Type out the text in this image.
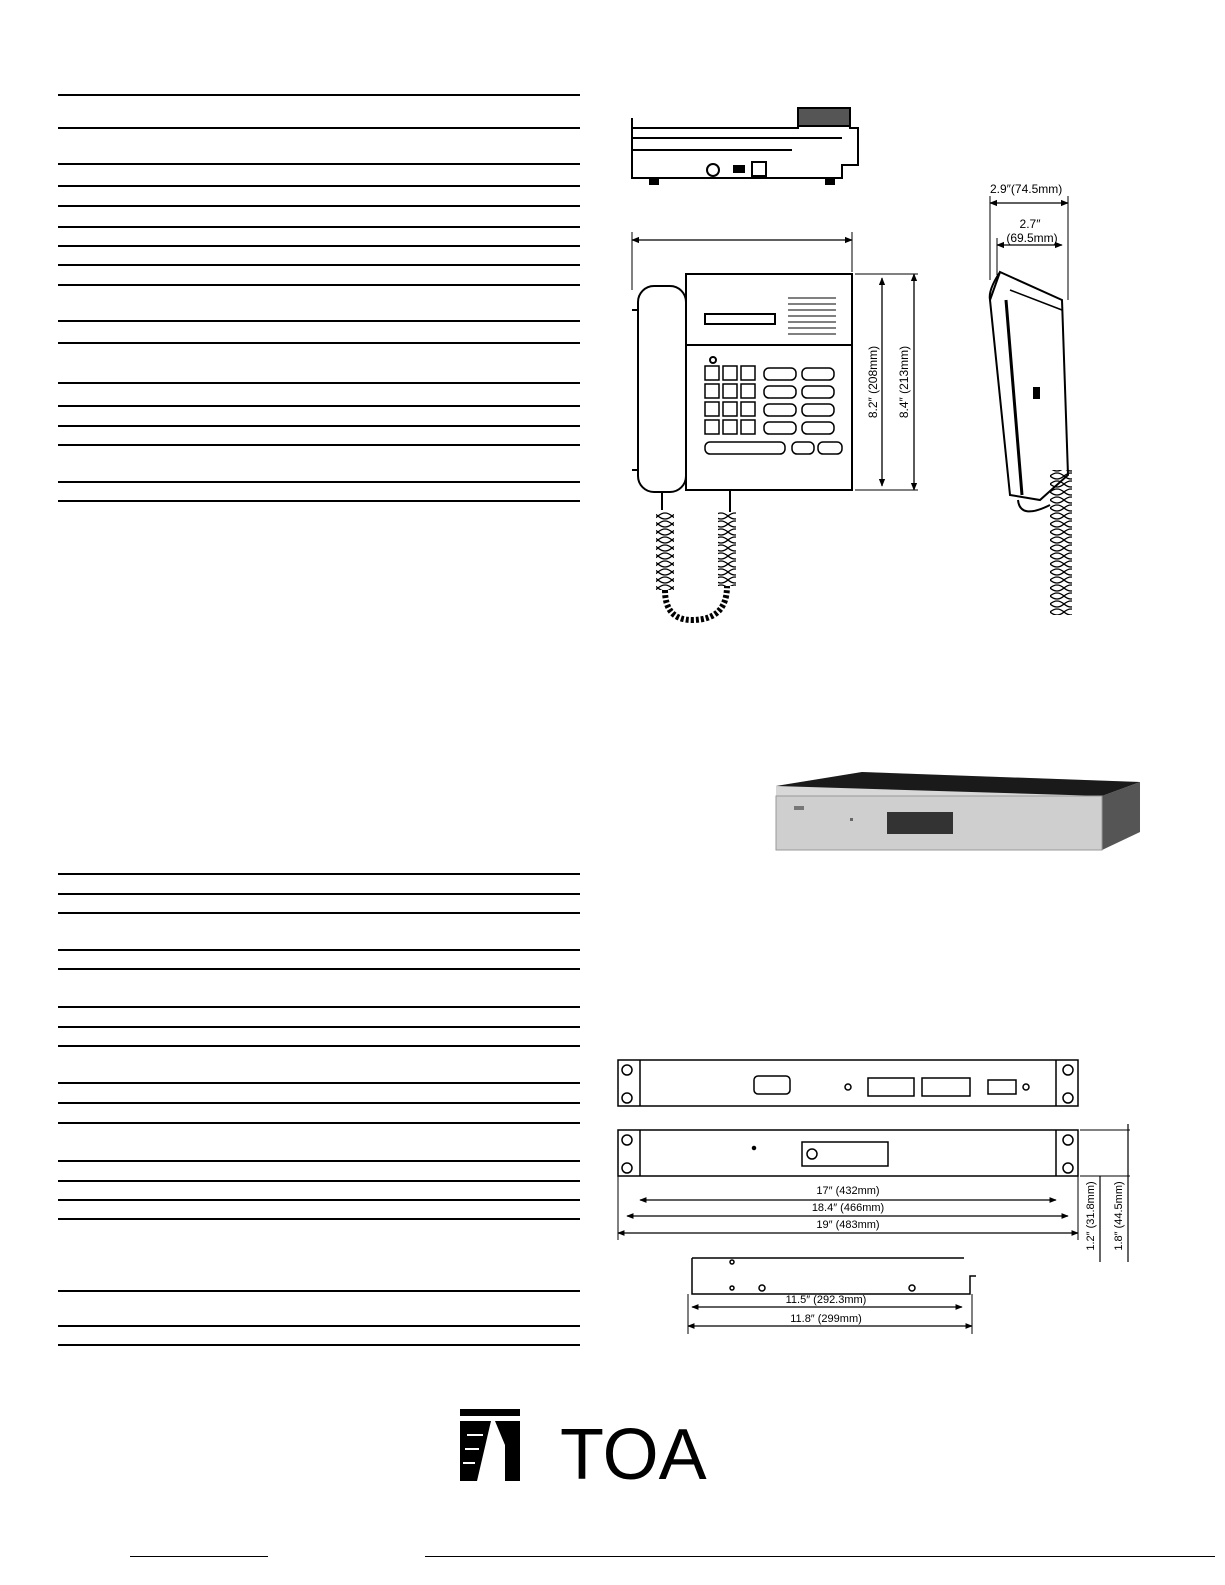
2.9″(74.5mm)
2.7″
(69.5mm)
8.2″ (208mm) 8.4″ (213mm)
17″ (432mm)
18.4″ (466mm)
19″ (483mm)	1.2″ (31.8mm) 1.8″ (44.5mm)
11.5″ (292.3mm)
11.8″ (299mm)
TOA
